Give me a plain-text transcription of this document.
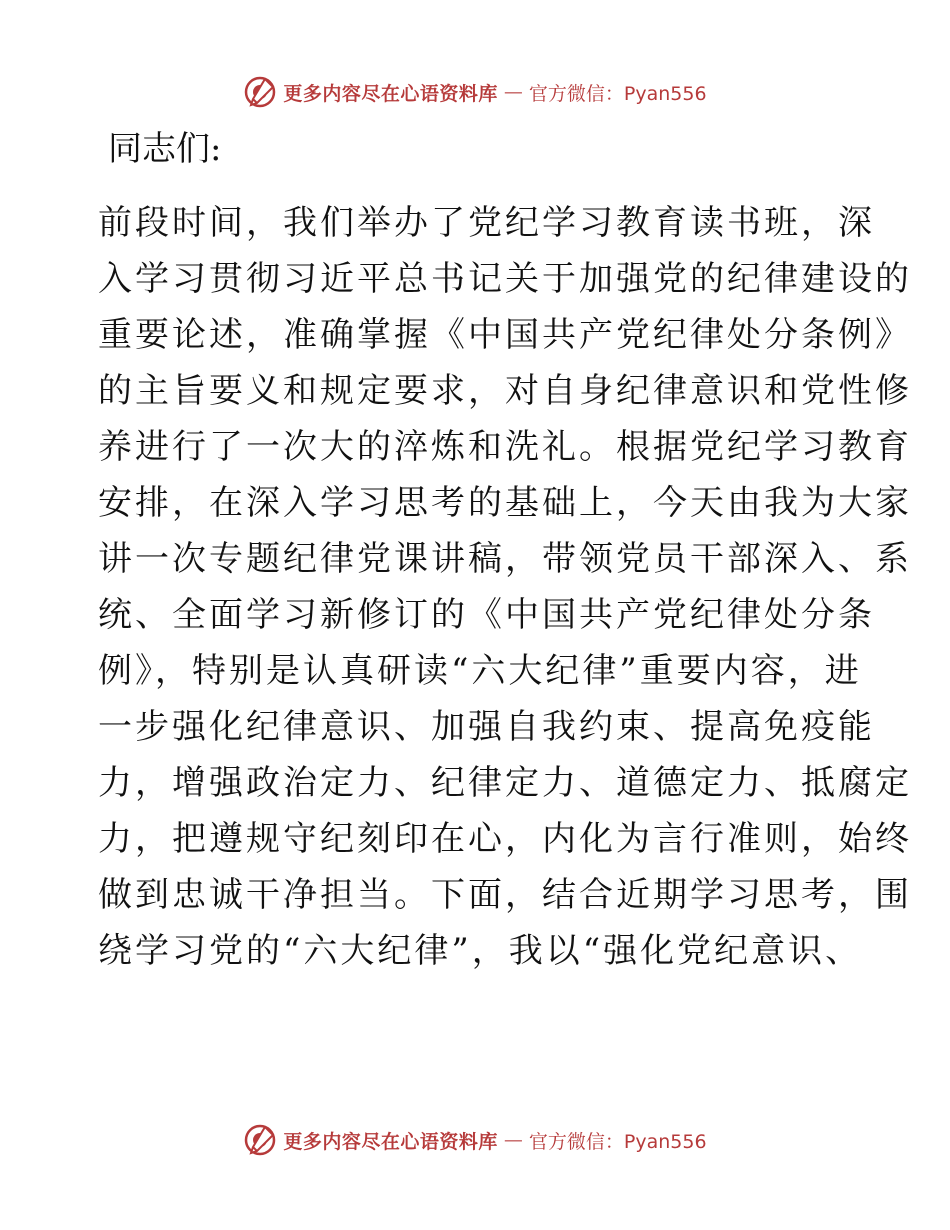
更多内容尽在心语资料库 — 官方微信：Pyan556

同志们:

前段时间，我们举办了党纪学习教育读书班，深
入学习贯彻习近平总书记关于加强党的纪律建设的
重要论述，准确掌握《中国共产党纪律处分条例》
的主旨要义和规定要求，对自身纪律意识和党性修
养进行了一次大的淬炼和洗礼。根据党纪学习教育
安排，在深入学习思考的基础上，今天由我为大家
讲一次专题纪律党课讲稿，带领党员干部深入、系
统、全面学习新修订的《中国共产党纪律处分条
例》，特别是认真研读“六大纪律”重要内容，进
一步强化纪律意识、加强自我约束、提高免疫能
力，增强政治定力、纪律定力、道德定力、抵腐定
力，把遵规守纪刻印在心，内化为言行准则，始终
做到忠诚干净担当。下面，结合近期学习思考，围
绕学习党的“六大纪律”，我以“强化党纪意识、
更多内容尽在心语资料库 — 官方微信：Pyan556
